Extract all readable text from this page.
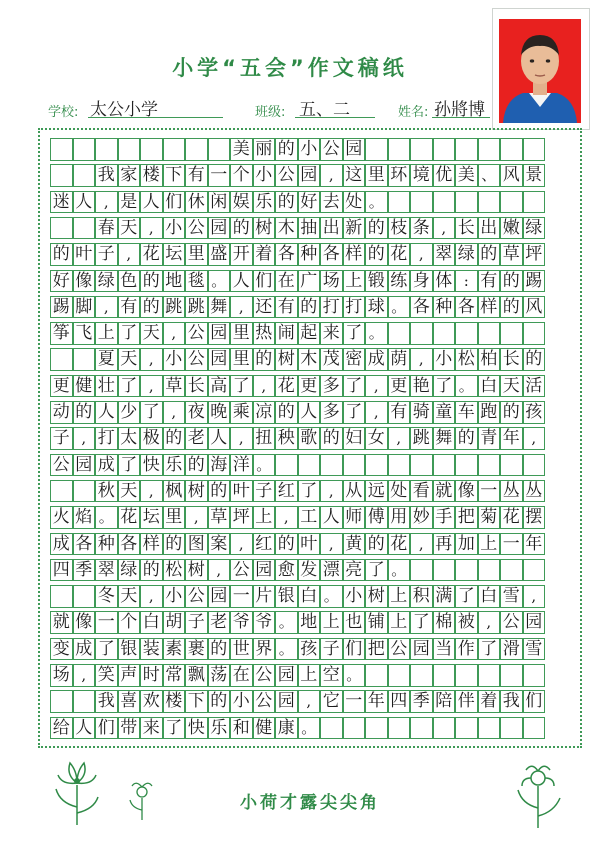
小学“五会”作文稿纸
学校: 太公小学	班级: 五、二	姓名: 孙將博
美 丽 的 小 公 园
我 家 楼 下 有 一 个 小 公 园 , 这 里 环 境 优 美 、 风 景
迷 人 , 是 人 们 休 闲 娱 乐 的 好 去 处 。
春 天 , 小 公 园 的 树 木 抽 出 新 的 枝 条 , 长 出 嫩 绿
的 叶 子 , 花 坛 里 盛 开 着 各 种 各 样 的 花 , 翠 绿 的 草 坪
好 像 绿 色 的 地 毯 。 人 们 在 广 场 上 锻 练 身 体 : 有 的 踢
踢 脚 , 有 的 跳 跳 舞 , 还 有 的 打 打 球 。 各 种 各 样 的 风
筝 飞 上 了 天 , 公 园 里 热 闹 起 来 了 。
夏 天 , 小 公 园 里 的 树 木 茂 密 成 荫 , 小 松 柏 长 的
更 健 壮 了 , 草 长 高 了 , 花 更 多 了 , 更 艳 了 。 白 天 活
动 的 人 少 了 , 夜 晚 乘 凉 的 人 多 了 , 有 骑 童 车 跑 的 孩
子 , 打 太 极 的 老 人 , 扭 秧 歌 的 妇 女 , 跳 舞 的 青 年 ,
公 园 成 了 快 乐 的 海 洋 。
秋 天 , 枫 树 的 叶 子 红 了 , 从 远 处 看 就 像 一 丛 丛
火 焰 。 花 坛 里 , 草 坪 上 , 工 人 师 傅 用 妙 手 把 菊 花 摆
成 各 种 各 样 的 图 案 , 红 的 叶 , 黄 的 花 , 再 加 上 一 年
四 季 翠 绿 的 松 树 , 公 园 愈 发 漂 亮 了 。
冬 天 , 小 公 园 一 片 银 白 。 小 树 上 积 满 了 白 雪 ,
就 像 一 个 白 胡 子 老 爷 爷 。 地 上 也 铺 上 了 棉 被 , 公 园
变 成 了 银 装 素 裹 的 世 界 。 孩 子 们 把 公 园 当 作 了 滑 雪
场 , 笑 声 时 常 飘 荡 在 公 园 上 空 。
我 喜 欢 楼 下 的 小 公 园 , 它 一 年 四 季 陪 伴 着 我 们
给 人 们 带 来 了 快 乐 和 健 康 。
小荷才露尖尖角
